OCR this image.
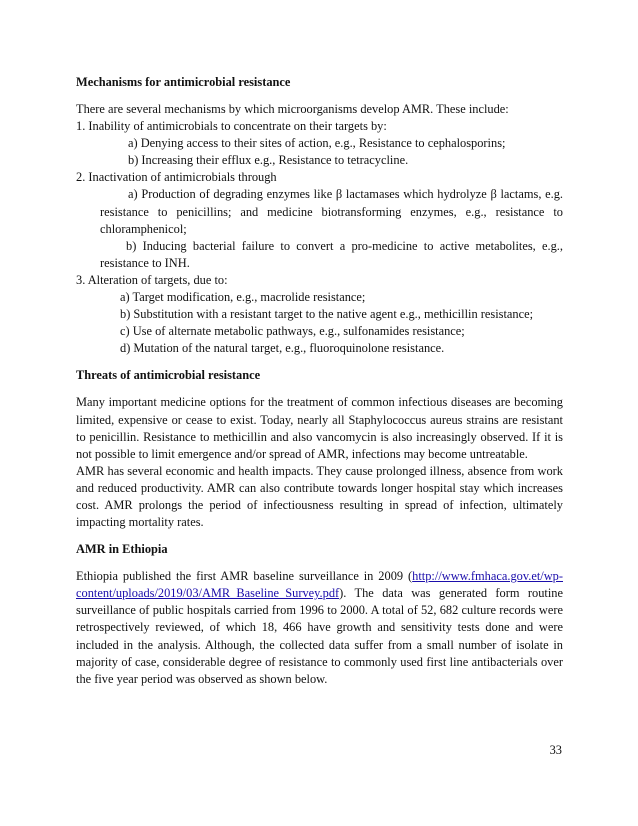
Mechanisms for antimicrobial resistance

There are several mechanisms by which microorganisms develop AMR. These include:

1. Inability of antimicrobials to concentrate on their targets by:

a) Denying access to their sites of action, e.g., Resistance to cephalosporins;

b) Increasing their efflux e.g., Resistance to tetracycline.

2. Inactivation of antimicrobials through

a) Production of degrading enzymes like β lactamases which hydrolyze β lactams, e.g. resistance to penicillins; and medicine biotransforming enzymes, e.g., resistance to chloramphenicol;

b) Inducing bacterial failure to convert a pro-medicine to active metabolites, e.g., resistance to INH.

3. Alteration of targets, due to:

a) Target modification, e.g., macrolide resistance;

b) Substitution with a resistant target to the native agent e.g., methicillin resistance;

c) Use of alternate metabolic pathways, e.g., sulfonamides resistance;

d) Mutation of the natural target, e.g., fluoroquinolone resistance.

Threats of antimicrobial resistance

Many important medicine options for the treatment of common infectious diseases are becoming limited, expensive or cease to exist. Today, nearly all Staphylococcus aureus strains are resistant to penicillin. Resistance to methicillin and also vancomycin is also increasingly observed. If it is not possible to limit emergence and/or spread of AMR, infections may become untreatable.

AMR has several economic and health impacts. They cause prolonged illness, absence from work and reduced productivity. AMR can also contribute towards longer hospital stay which increases cost. AMR prolongs the period of infectiousness resulting in spread of infection, ultimately impacting mortality rates.

AMR in Ethiopia

Ethiopia published the first AMR baseline surveillance in 2009 (http://www.fmhaca.gov.et/wp-content/uploads/2019/03/AMR_Baseline_Survey.pdf). The data was generated form routine surveillance of public hospitals carried from 1996 to 2000. A total of 52, 682 culture records were retrospectively reviewed, of which 18, 466 have growth and sensitivity tests done and were included in the analysis. Although, the collected data suffer from a small number of isolate in majority of case, considerable degree of resistance to commonly used first line antibacterials over the five year period was observed as shown below.

33
